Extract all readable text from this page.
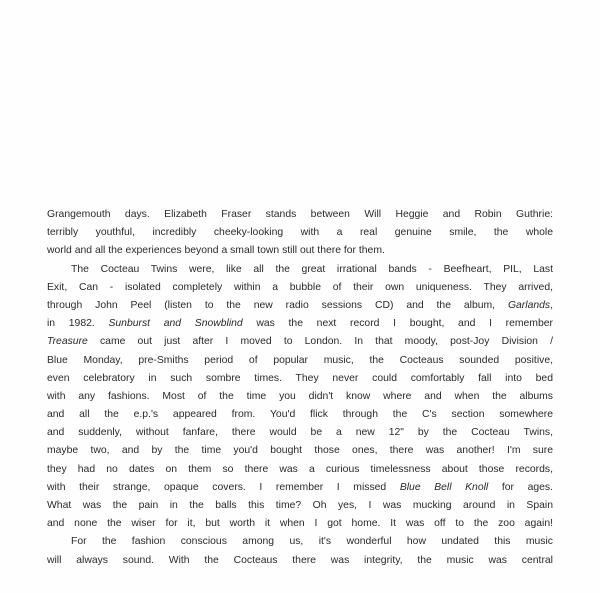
Grangemouth days. Elizabeth Fraser stands between Will Heggie and Robin Guthrie:
terribly youthful, incredibly cheeky-looking with a real genuine smile, the whole
world and all the experiences beyond a small town still out there for them.
The Cocteau Twins were, like all the great irrational bands - Beefheart, PIL, Last
Exit, Can - isolated completely within a bubble of their own uniqueness. They arrived,
through John Peel (listen to the new radio sessions CD) and the album, Garlands,
in 1982. Sunburst and Snowblind was the next record I bought, and I remember
Treasure came out just after I moved to London. In that moody, post-Joy Division /
Blue Monday, pre-Smiths period of popular music, the Cocteaus sounded positive,
even celebratory in such sombre times. They never could comfortably fall into bed
with any fashions. Most of the time you didn't know where and when the albums
and all the e.p.'s appeared from. You'd flick through the C's section somewhere
and suddenly, without fanfare, there would be a new 12" by the Cocteau Twins,
maybe two, and by the time you'd bought those ones, there was another! I'm sure
they had no dates on them so there was a curious timelessness about those records,
with their strange, opaque covers. I remember I missed Blue Bell Knoll for ages.
What was the pain in the balls this time? Oh yes, I was mucking around in Spain
and none the wiser for it, but worth it when I got home. It was off to the zoo again!
For the fashion conscious among us, it's wonderful how undated this music
will always sound. With the Cocteaus there was integrity, the music was central
